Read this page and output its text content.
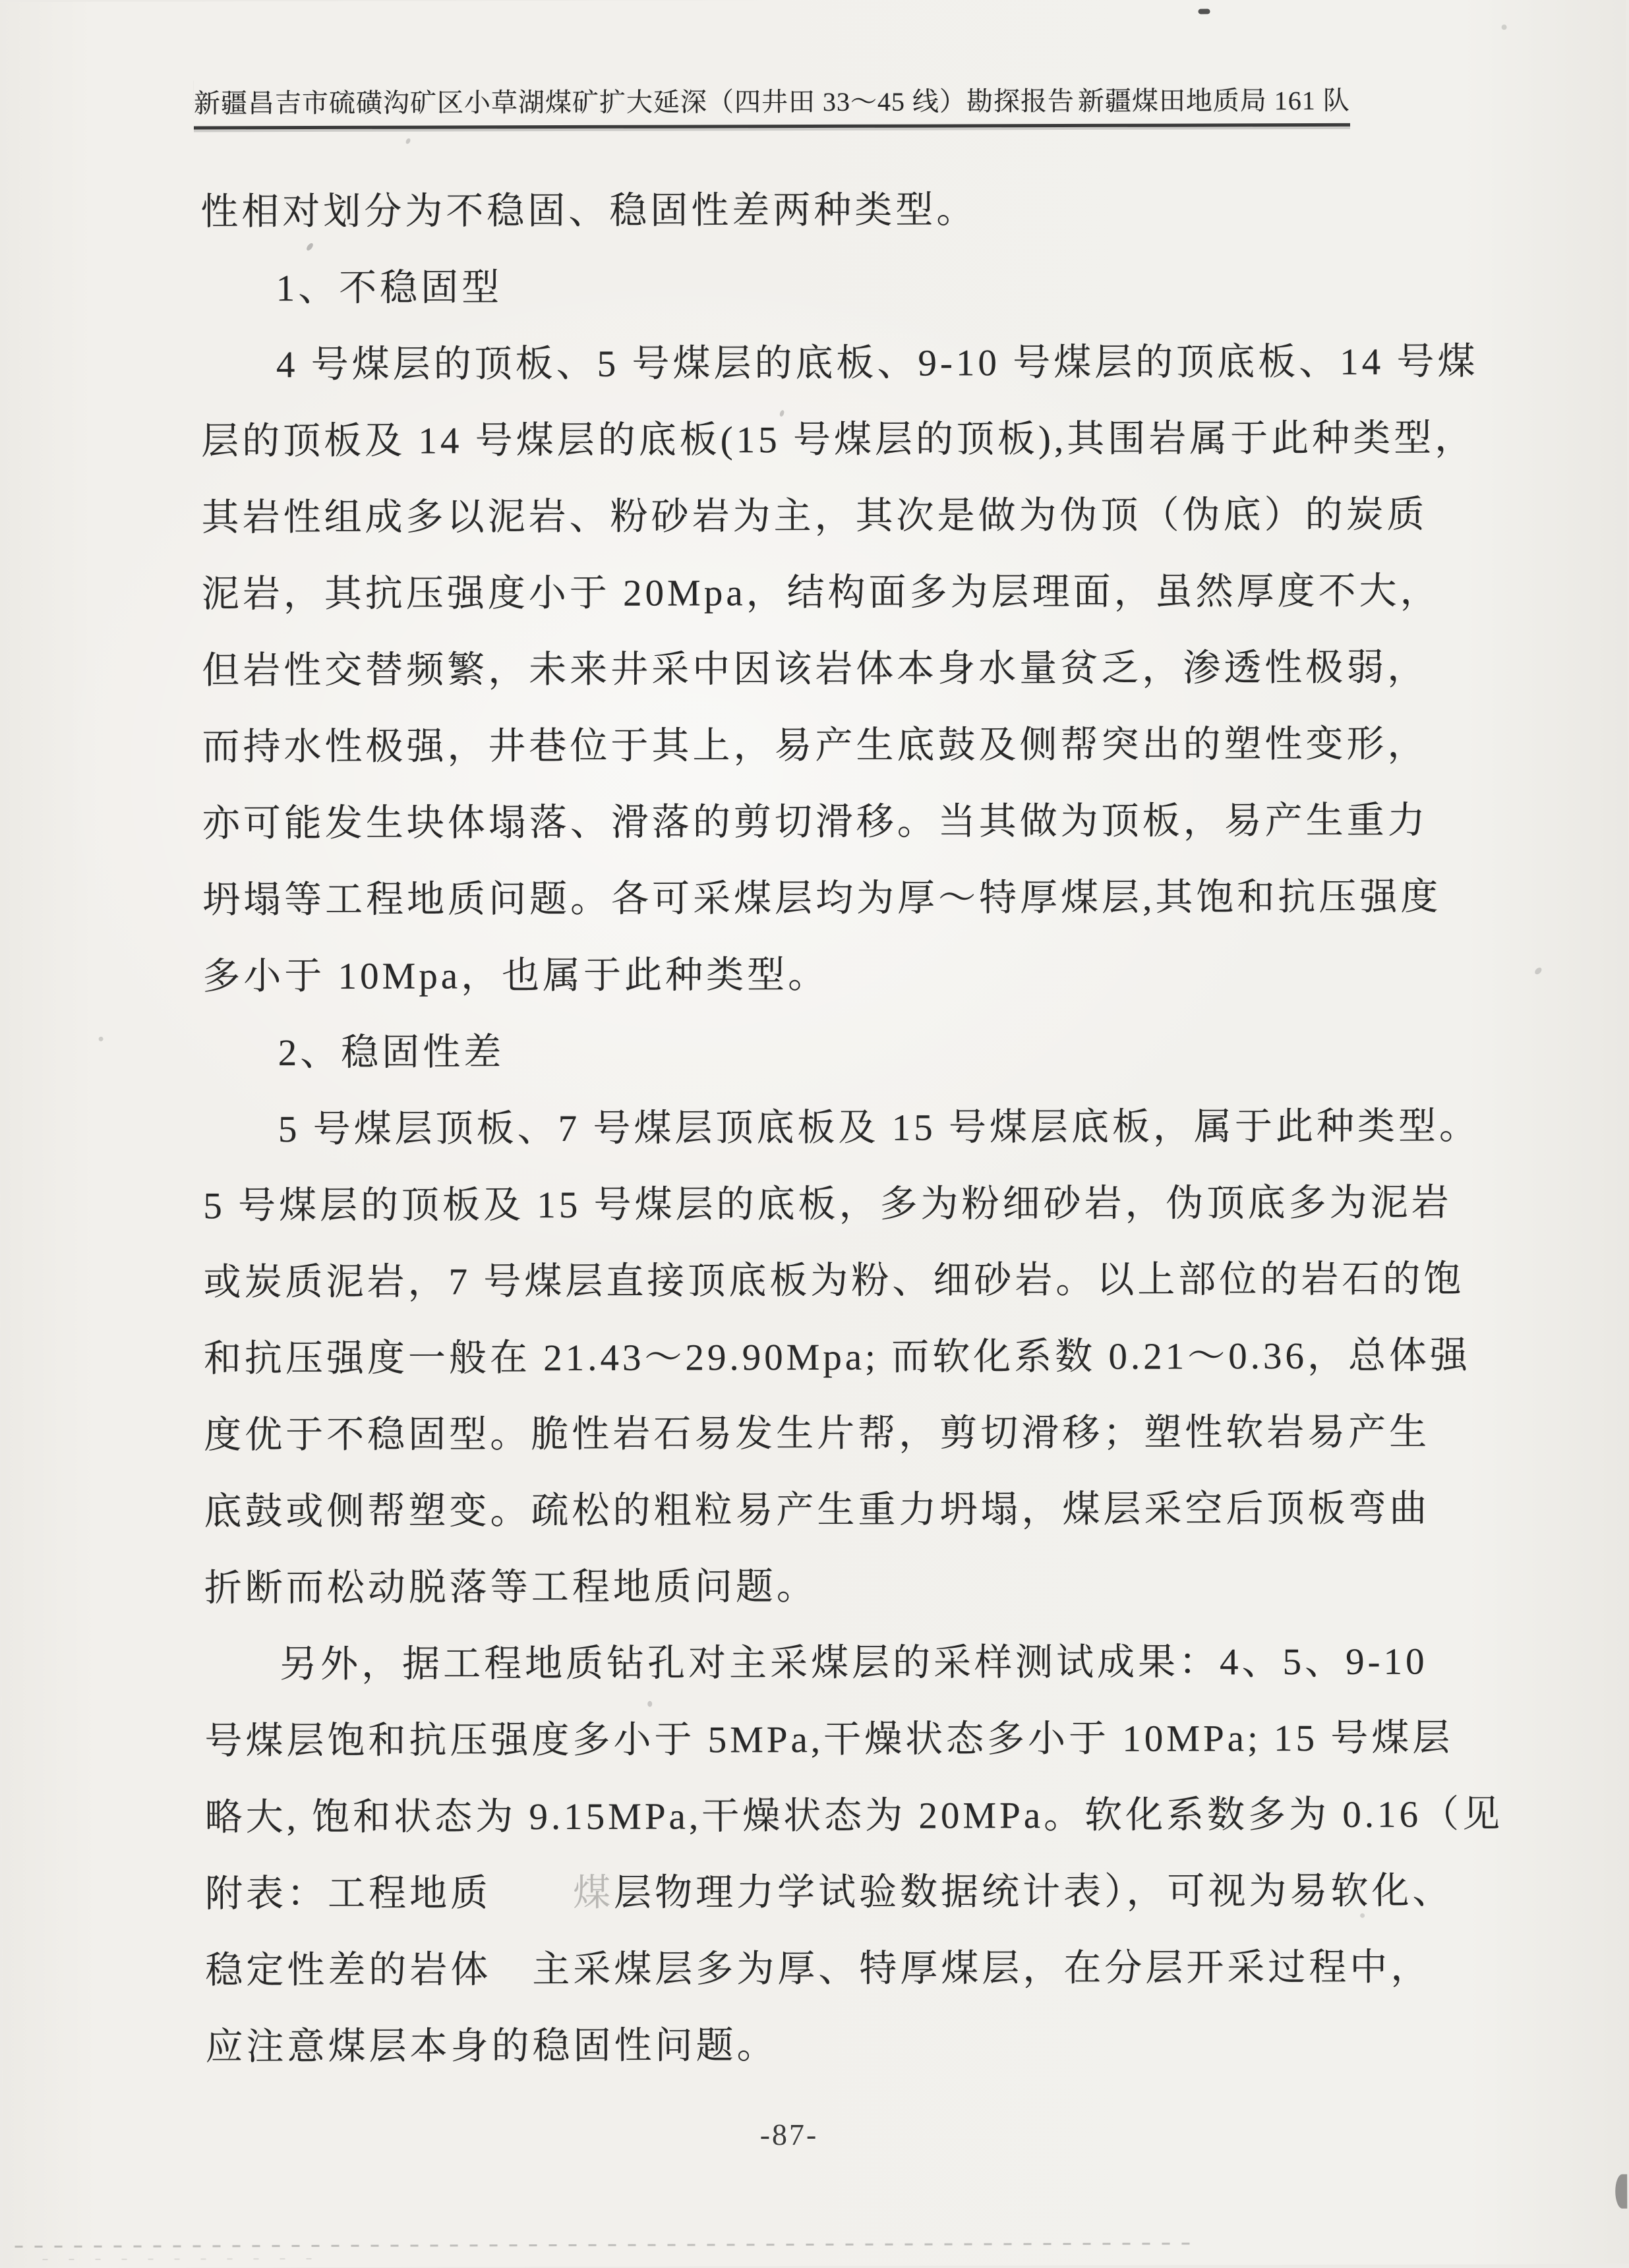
新疆昌吉市硫磺沟矿区小草湖煤矿扩大延深（四井田 33～45 线）勘探报告 新疆煤田地质局 161 队
性相对划分为不稳固、稳固性差两种类型。
1、不稳固型
4 号煤层的顶板、5 号煤层的底板、9-10 号煤层的顶底板、14 号煤
层的顶板及 14 号煤层的底板(15 号煤层的顶板),其围岩属于此种类型，
其岩性组成多以泥岩、粉砂岩为主，其次是做为伪顶（伪底）的炭质
泥岩，其抗压强度小于 20Mpa，结构面多为层理面，虽然厚度不大，
但岩性交替频繁，未来井采中因该岩体本身水量贫乏，渗透性极弱，
而持水性极强，井巷位于其上，易产生底鼓及侧帮突出的塑性变形，
亦可能发生块体塌落、滑落的剪切滑移。当其做为顶板，易产生重力
坍塌等工程地质问题。各可采煤层均为厚～特厚煤层,其饱和抗压强度
多小于 10Mpa，也属于此种类型。
2、稳固性差
5 号煤层顶板、7 号煤层顶底板及 15 号煤层底板，属于此种类型。
5 号煤层的顶板及 15 号煤层的底板，多为粉细砂岩，伪顶底多为泥岩
或炭质泥岩，7 号煤层直接顶底板为粉、细砂岩。以上部位的岩石的饱
和抗压强度一般在 21.43～29.90Mpa; 而软化系数 0.21～0.36，总体强
度优于不稳固型。脆性岩石易发生片帮，剪切滑移；塑性软岩易产生
底鼓或侧帮塑变。疏松的粗粒易产生重力坍塌，煤层采空后顶板弯曲
折断而松动脱落等工程地质问题。
另外，据工程地质钻孔对主采煤层的采样测试成果：4、5、9-10
号煤层饱和抗压强度多小于 5MPa,干燥状态多小于 10MPa; 15 号煤层
略大, 饱和状态为 9.15MPa,干燥状态为 20MPa。软化系数多为 0.16（见
附表：工程地质　　煤层物理力学试验数据统计表），可视为易软化、
稳定性差的岩体　主采煤层多为厚、特厚煤层，在分层开采过程中，
应注意煤层本身的稳固性问题。
-87-
